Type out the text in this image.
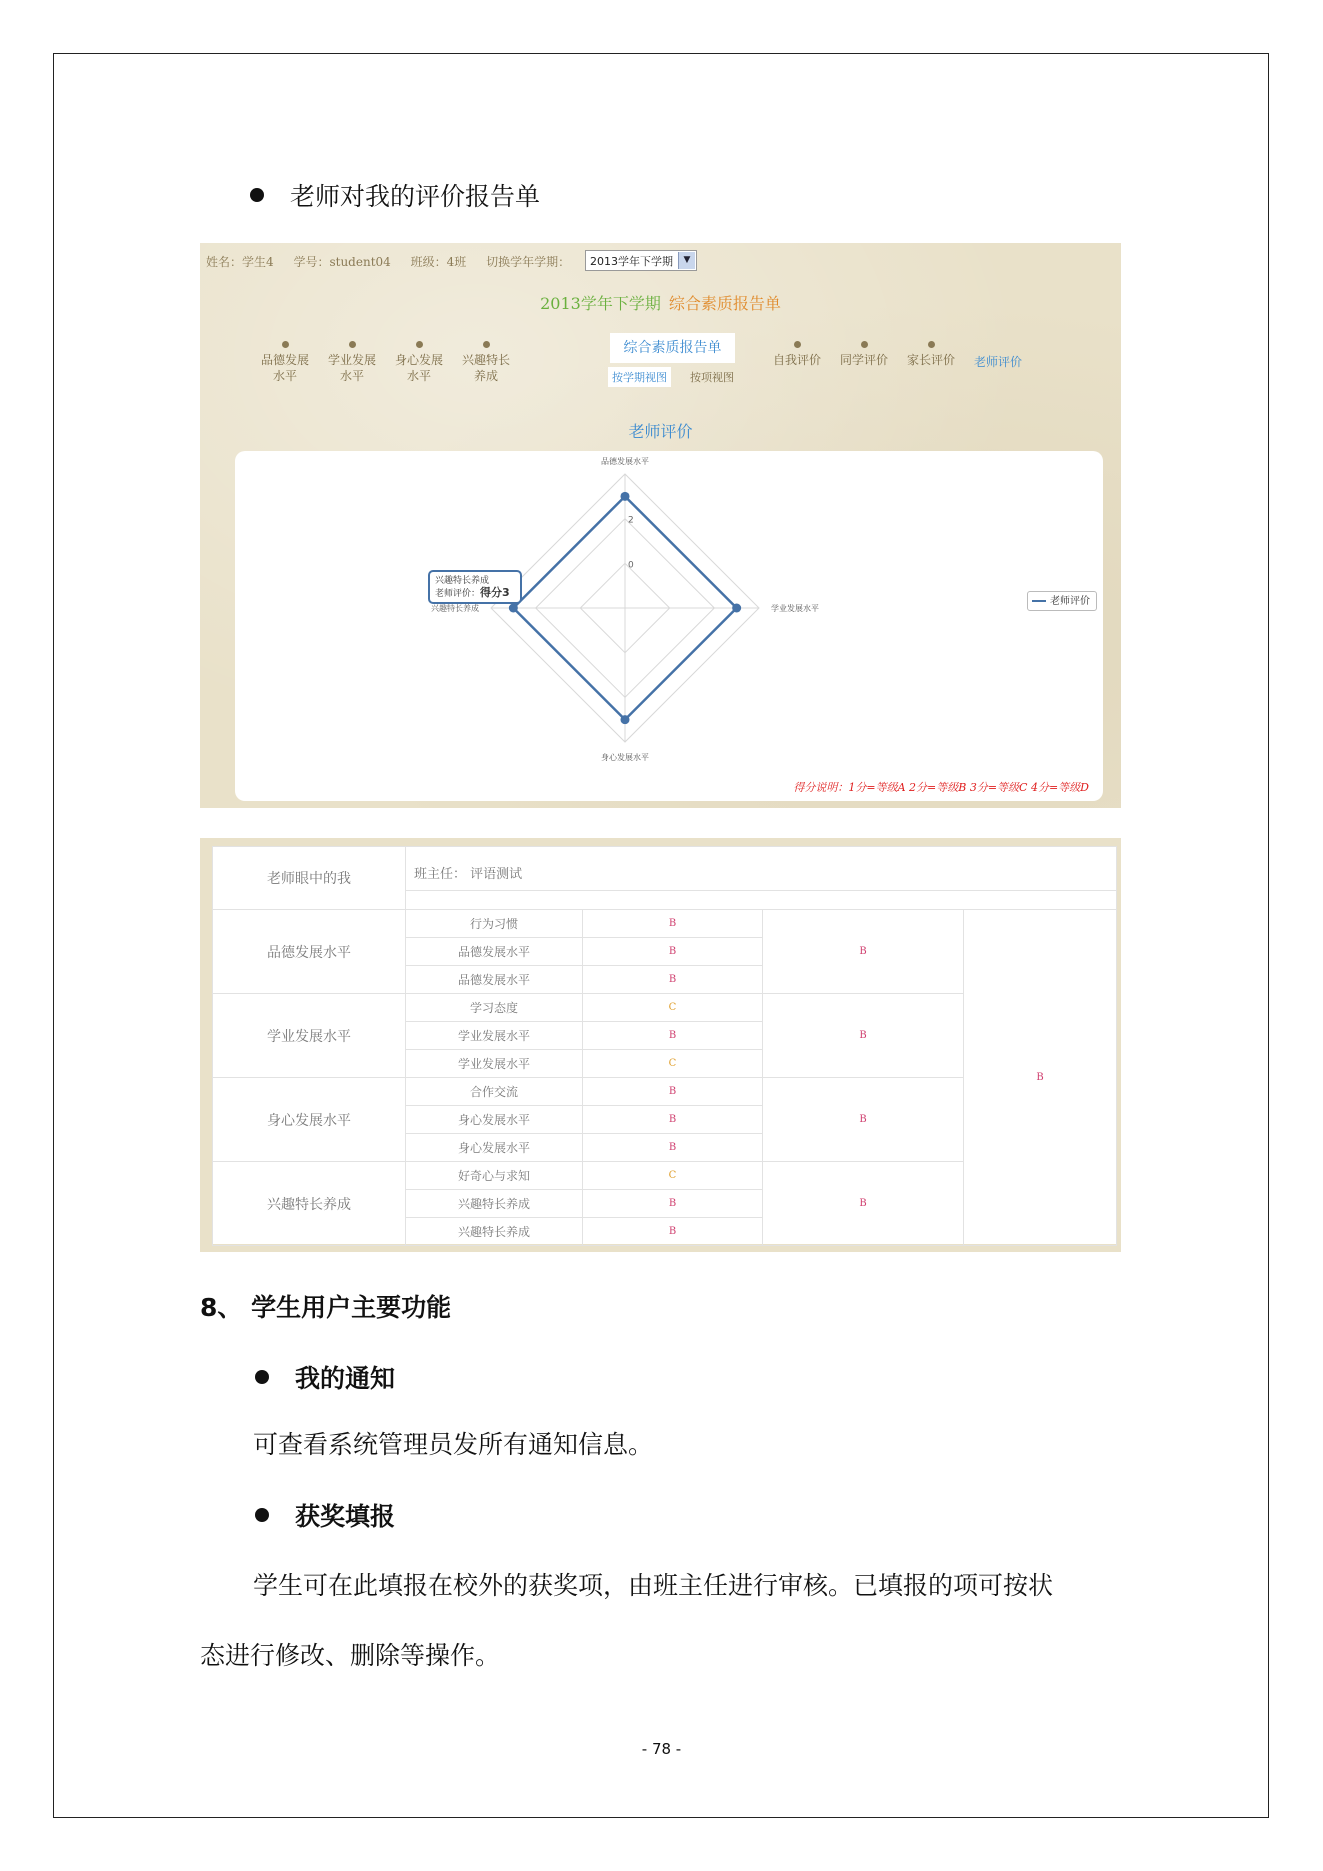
老师对我的评价报告单
姓名：学生4 学号：student04 班级：4班 切换学年学期：	2013学年下学期	▼
2013学年下学期 综合素质报告单
品德发展
水平
学业发展
水平
身心发展
水平
兴趣特长
养成
综合素质报告单
按学期视图	按项视图
自我评价	同学评价	家长评价	老师评价
老师评价
0
2
品德发展水平
学业发展水平
身心发展水平
兴趣特长养成
兴趣特长养成
老师评价：得分3
老师评价
得分说明：1分=等级A 2分=等级B 3分=等级C 4分=等级D
老师眼中的我	班主任： 评语测试			

品德发展水平	行为习惯	B	B	B
	品德发展水平	B		
	品德发展水平	B		
学业发展水平	学习态度	C	B	
	学业发展水平	B		
	学业发展水平	C		
身心发展水平	合作交流	B	B	
	身心发展水平	B		
	身心发展水平	B		
兴趣特长养成	好奇心与求知	C	B	
	兴趣特长养成	B		
	兴趣特长养成	B		
8、 学生用户主要功能
我的通知
可查看系统管理员发所有通知信息。
获奖填报
学生可在此填报在校外的获奖项，由班主任进行审核。已填报的项可按状
态进行修改、删除等操作。
- 78 -
